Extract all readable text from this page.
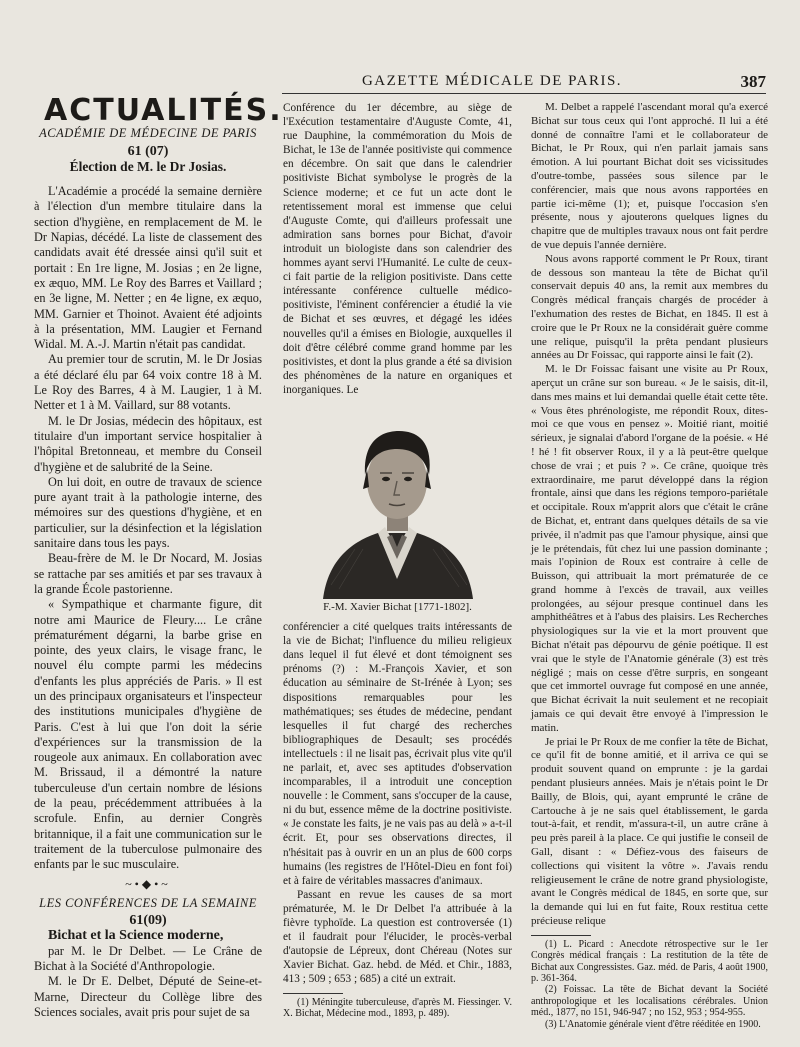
GAZETTE MÉDICALE DE PARIS.	387
ACTUALITÉS.
ACADÉMIE DE MÉDECINE DE PARIS
61 (07)
Élection de M. le Dr Josias.

L'Académie a procédé la semaine dernière à l'élection d'un membre titulaire dans la section d'hygiène, en remplacement de M. le Dr Napias, décédé. La liste de classement des candidats avait été dressée ainsi qu'il suit et portait : En 1re ligne, M. Josias ; en 2e ligne, ex æquo, MM. Le Roy des Barres et Vaillard ; en 3e ligne, M. Netter ; en 4e ligne, ex æquo, MM. Garnier et Thoinot. Avaient été adjoints à la présentation, MM. Laugier et Fernand Widal. M. A.-J. Martin n'était pas candidat.

Au premier tour de scrutin, M. le Dr Josias a été déclaré élu par 64 voix contre 18 à M. Le Roy des Barres, 4 à M. Laugier, 1 à M. Netter et 1 à M. Vaillard, sur 88 votants.

M. le Dr Josias, médecin des hôpitaux, est titulaire d'un important service hospitalier à l'hôpital Bretonneau, et membre du Conseil d'hygiène et de salubrité de la Seine.

On lui doit, en outre de travaux de science pure ayant trait à la pathologie interne, des mémoires sur des questions d'hygiène, et en particulier, sur la désinfection et la législation sanitaire dans tous les pays.

Beau-frère de M. le Dr Nocard, M. Josias se rattache par ses amitiés et par ses travaux à la grande École pastorienne.

« Sympathique et charmante figure, dit notre ami Maurice de Fleury.... Le crâne prématurément dégarni, la barbe grise en pointe, des yeux clairs, le visage franc, le nouvel élu compte parmi les médecins d'enfants les plus appréciés de Paris. » Il est un des principaux organisateurs et l'inspecteur des institutions municipales d'hygiène de Paris. C'est à lui que l'on doit la série d'expériences sur la transmission de la rougeole aux animaux. En collaboration avec M. Brissaud, il a démontré la nature tuberculeuse d'un certain nombre de lésions de la peau, précédemment attribuées à la scrofule. Enfin, au dernier Congrès britannique, il a fait une communication sur le traitement de la tuberculose pulmonaire des enfants par le suc musculaire.

~•◆•~
LES CONFÉRENCES DE LA SEMAINE
61(09)

Bichat et la Science moderne,

par M. le Dr Delbet. — Le Crâne de Bichat à la Société d'Anthropologie.

M. le Dr E. Delbet, Député de Seine-et-Marne, Directeur du Collège libre des Sciences sociales, avait pris pour sujet de sa

Conférence du 1er décembre, au siège de l'Exécution testamentaire d'Auguste Comte, 41, rue Dauphine, la commémoration du Mois de Bichat, le 13e de l'année positiviste qui commence en décembre. On sait que dans le calendrier positiviste Bichat symbolyse le progrès de la Science moderne; et ce fut un acte dont le retentissement moral est immense que celui d'Auguste Comte, qui d'ailleurs professait une admiration sans bornes pour Bichat, d'avoir introduit un biologiste dans son calendrier des hommes ayant servi l'Humanité. Le culte de ceux-ci fait partie de la religion positiviste. Dans cette intéressante conférence cultuelle médico-positiviste, l'éminent conférencier a étudié la vie de Bichat et ses œuvres, et dégagé les idées nouvelles qu'il a émises en Biologie, auxquelles il doit d'être célébré comme grand homme par les positivistes, et dont la plus grande a été sa division des phénomènes de la nature en organiques et inorganiques. Le

F.-M. Xavier Bichat [1771-1802].

conférencier a cité quelques traits intéressants de la vie de Bichat; l'influence du milieu religieux dans lequel il fut élevé et dont témoignent ses prénoms (?) : M.-François Xavier, et son éducation au séminaire de St-Irénée à Lyon; ses dispositions remarquables pour les mathématiques; ses études de médecine, pendant lesquelles il fut chargé des recherches bibliographiques de Desault; ses procédés intellectuels : il ne lisait pas, écrivait plus vite qu'il ne parlait, et, avec ses aptitudes d'observation incomparables, il a introduit une conception nouvelle : le Comment, sans s'occuper de la cause, ni du but, essence même de la doctrine positiviste. « Je constate les faits, je ne vais pas au delà » a-t-il écrit. Et, pour ses observations directes, il n'hésitait pas à ouvrir en un an plus de 600 corps humains (les registres de l'Hôtel-Dieu en font foi) et à faire de véritables massacres d'animaux.

Passant en revue les causes de sa mort prématurée, M. le Dr Delbet l'a attribuée à la fièvre typhoïde. La question est controversée (1) et il faudrait pour l'élucider, le procès-verbal d'autopsie de Lépreux, dont Chéreau (Notes sur Xavier Bichat. Gaz. hebd. de Méd. et Chir., 1883, 413 ; 509 ; 653 ; 685) a cité un extrait.

(1) Méningite tuberculeuse, d'après M. Fiessinger. V. X. Bichat, Médecine mod., 1893, p. 489).

M. Delbet a rappelé l'ascendant moral qu'a exercé Bichat sur tous ceux qui l'ont approché. Il lui a été donné de connaître l'ami et le collaborateur de Bichat, le Pr Roux, qui n'en parlait jamais sans émotion. A lui pourtant Bichat doit ses vicissitudes d'outre-tombe, passées sous silence par le conférencier, mais que nous avons rapportées en partie ici-même (1); et, puisque l'occasion s'en présente, nous y ajouterons quelques lignes du chapitre que de multiples travaux nous ont fait perdre de vue depuis l'année dernière.

Nous avons rapporté comment le Pr Roux, tirant de dessous son manteau la tête de Bichat qu'il conservait depuis 40 ans, la remit aux membres du Congrès médical français chargés de procéder à l'exhumation des restes de Bichat, en 1845. Il est à croire que le Pr Roux ne la considérait guère comme une relique, puisqu'il la prêta pendant plusieurs années au Dr Foissac, qui rapporte ainsi le fait (2).

M. le Dr Foissac faisant une visite au Pr Roux, aperçut un crâne sur son bureau. « Je le saisis, dit-il, dans mes mains et lui demandai quelle était cette tête. « Vous êtes phrénologiste, me répondit Roux, dites-moi ce que vous en pensez ». Moitié riant, moitié sérieux, je signalai d'abord l'organe de la poésie. « Hé ! hé ! fit observer Roux, il y a là peut-être quelque chose de vrai ; et puis ? ». Ce crâne, quoique très extraordinaire, me parut développé dans la région frontale, ainsi que dans les régions temporo-pariétale et occipitale. Roux m'apprit alors que c'était le crâne de Bichat, et, entrant dans quelques détails de sa vie privée, il n'admit pas que l'amour physique, ainsi que je le prétendais, fût chez lui une passion dominante ; mais l'opinion de Roux est contraire à celle de Buisson, qui attribuait la mort prématurée de ce grand homme à l'excès de travail, aux veilles prolongées, au séjour presque continuel dans les amphithéâtres et à l'abus des plaisirs. Les Recherches physiologiques sur la vie et la mort prouvent que Bichat n'était pas dépourvu de génie poétique. Il est vrai que le style de l'Anatomie générale (3) est très négligé ; mais on cesse d'être surpris, en songeant que cet immortel ouvrage fut composé en une année, que Bichat écrivait la nuit seulement et ne recopiait jamais ce qui devait être envoyé à l'impression le matin.

Je priai le Pr Roux de me confier la tête de Bichat, ce qu'il fit de bonne amitié, et il arriva ce qui se produit souvent quand on emprunte : je la gardai pendant plusieurs années. Mais je n'étais point le Dr Bailly, de Blois, qui, ayant emprunté le crâne de Cartouche à je ne sais quel établissement, le garda tout-à-fait, et rendit, m'assura-t-il, un autre crâne à peu près pareil à la place. Ce qui justifie le conseil de Gall, disant : « Défiez-vous des faiseurs de collections qui visitent la vôtre ». J'avais rendu religieusement le crâne de notre grand physiologiste, avant le Congrès médical de 1845, en sorte que, sur la demande qui lui en fut faite, Roux restitua cette précieuse relique

(1) L. Picard : Anecdote rétrospective sur le 1er Congrès médical français : La restitution de la tête de Bichat aux Congressistes. Gaz. méd. de Paris, 4 août 1900, p. 361-364.

(2) Foissac. La tête de Bichat devant la Société anthropologique et les localisations cérébrales. Union méd., 1877, no 151, 946-947 ; no 152, 953 ; 954-955.

(3) L'Anatomie générale vient d'être rééditée en 1900.
